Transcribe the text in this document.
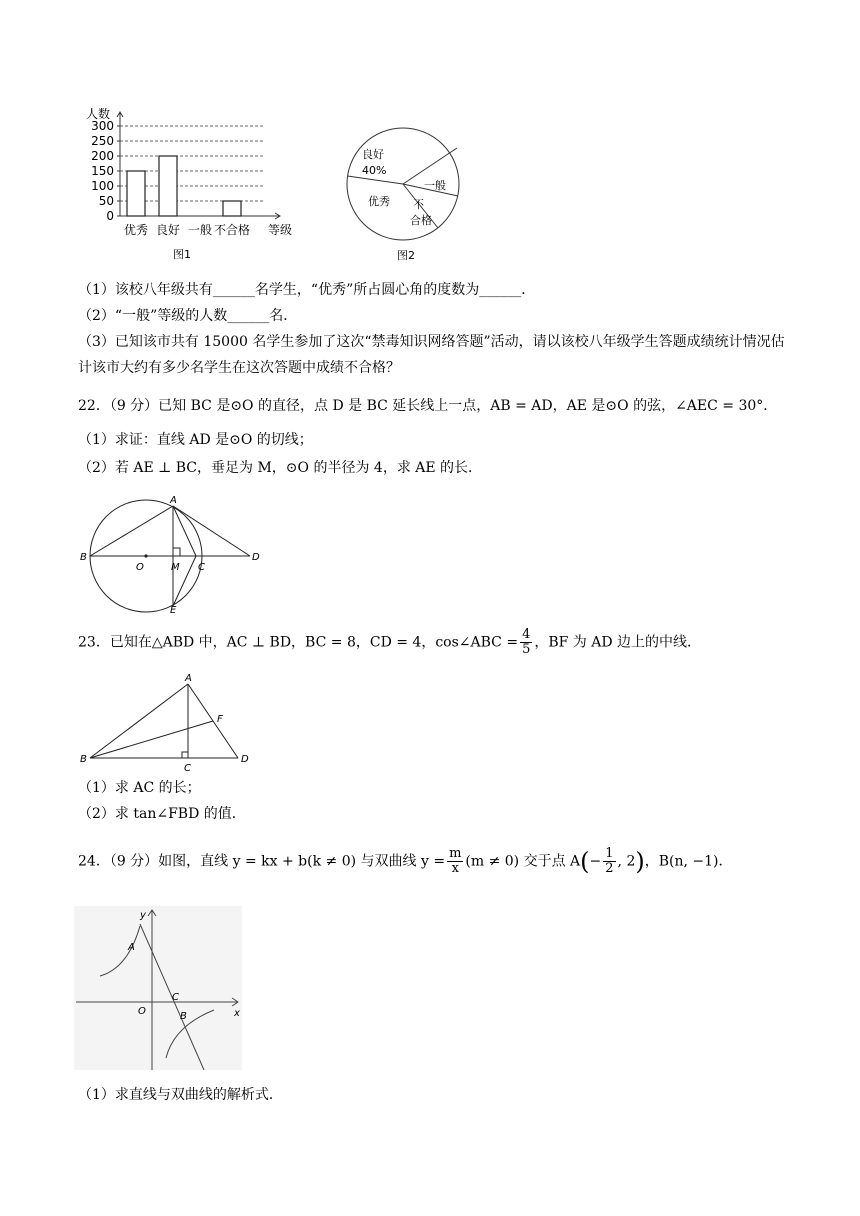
0
50
100
150
200
250
300
人数
优秀 良好 一般 不合格 等级
图1
良好
40%
一般
不
合格
优秀
图2
（1）该校八年级共有______名学生，“优秀”所占圆心角的度数为______．
（2）“一般”等级的人数______名．
（3）已知该市共有 15000 名学生参加了这次“禁毒知识网络答题”活动，请以该校八年级学生答题成绩统计情况估计该市大约有多少名学生在这次答题中成绩不合格？
22．（9 分）已知 BC 是⊙O 的直径，点 D 是 BC 延长线上一点，AB = AD，AE 是⊙O 的弦，∠AEC = 30°．
（1）求证：直线 AD 是⊙O 的切线；
（2）若 AE ⊥ BC，垂足为 M，⊙O 的半径为 4，求 AE 的长．
A
B
O	M C
D
E
23．已知在△ABD 中，AC ⊥ BD，BC = 8，CD = 4，cos∠ABC = $\frac{4}{5}$ ，BF 为 AD 边上的中线．
A
B
C
D
F
（1）求 AC 的长；
（2）求 tan∠FBD 的值．
24．（9 分）如图，直线 y = kx + b(k ≠ 0) 与双曲线 $y = \frac{m}{x} (m \ne 0)$ 交于点 $A(- \frac{1}{2}$ , 2)，B(n, −1)．
y
x
A
O
C
B
（1）求直线与双曲线的解析式．
